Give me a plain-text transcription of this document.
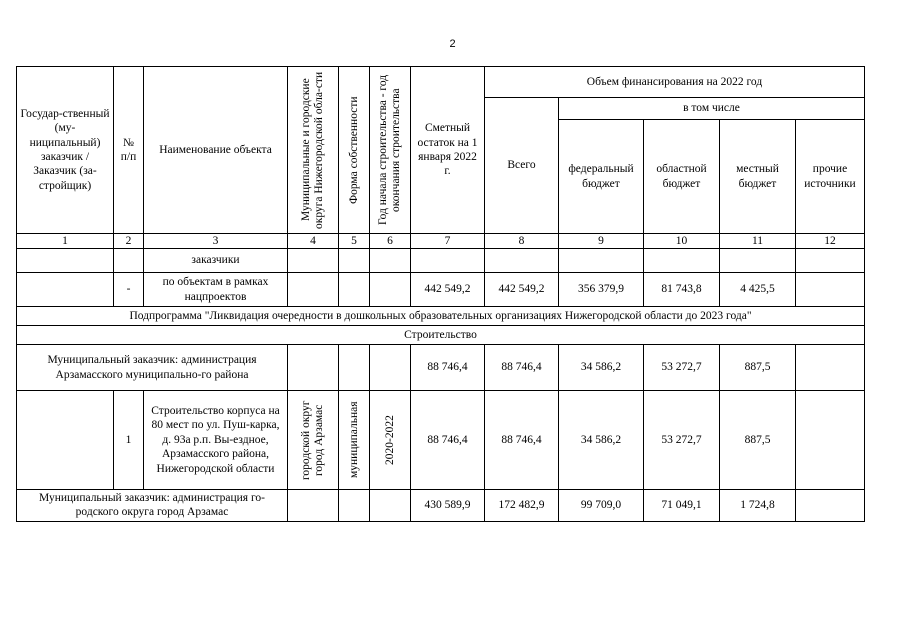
2
Государ-ственный (му-ниципальный) заказчик / Заказчик (за-стройщик)	№ п/п	Наименование объекта	Муниципальные и городские округа Нижегородской обла-сти	Форма собственности	Год начала строительства - год окончания строительства	Сметный остаток на 1 января 2022 г.	Объем финансирования на 2022 год				
							Всего	в том числе			
								федеральный бюджет	областной бюджет	местный бюджет	прочие источники
1	2	3	4	5	6	7	8	9	10	11	12
		заказчики									
	-	по объектам в рамках нацпроектов				442 549,2	442 549,2	356 379,9	81 743,8	4 425,5	
Подпрограмма "Ликвидация очередности в дошкольных образовательных организациях Нижегородской области до 2023 года"											
Строительство											
Муниципальный заказчик: администрация Арзамасского муниципально-го района						88 746,4	88 746,4	34 586,2	53 272,7	887,5	
	1	Строительство корпуса на 80 мест по ул. Пуш-карка, д. 93а р.п. Вы-ездное, Арзамасского района, Нижегородской области	городской округ город Арзамас	муниципальная	2020-2022	88 746,4	88 746,4	34 586,2	53 272,7	887,5	
Муниципальный заказчик: администрация го-родского округа город Арзамас						430 589,9	172 482,9	99 709,0	71 049,1	1 724,8	
